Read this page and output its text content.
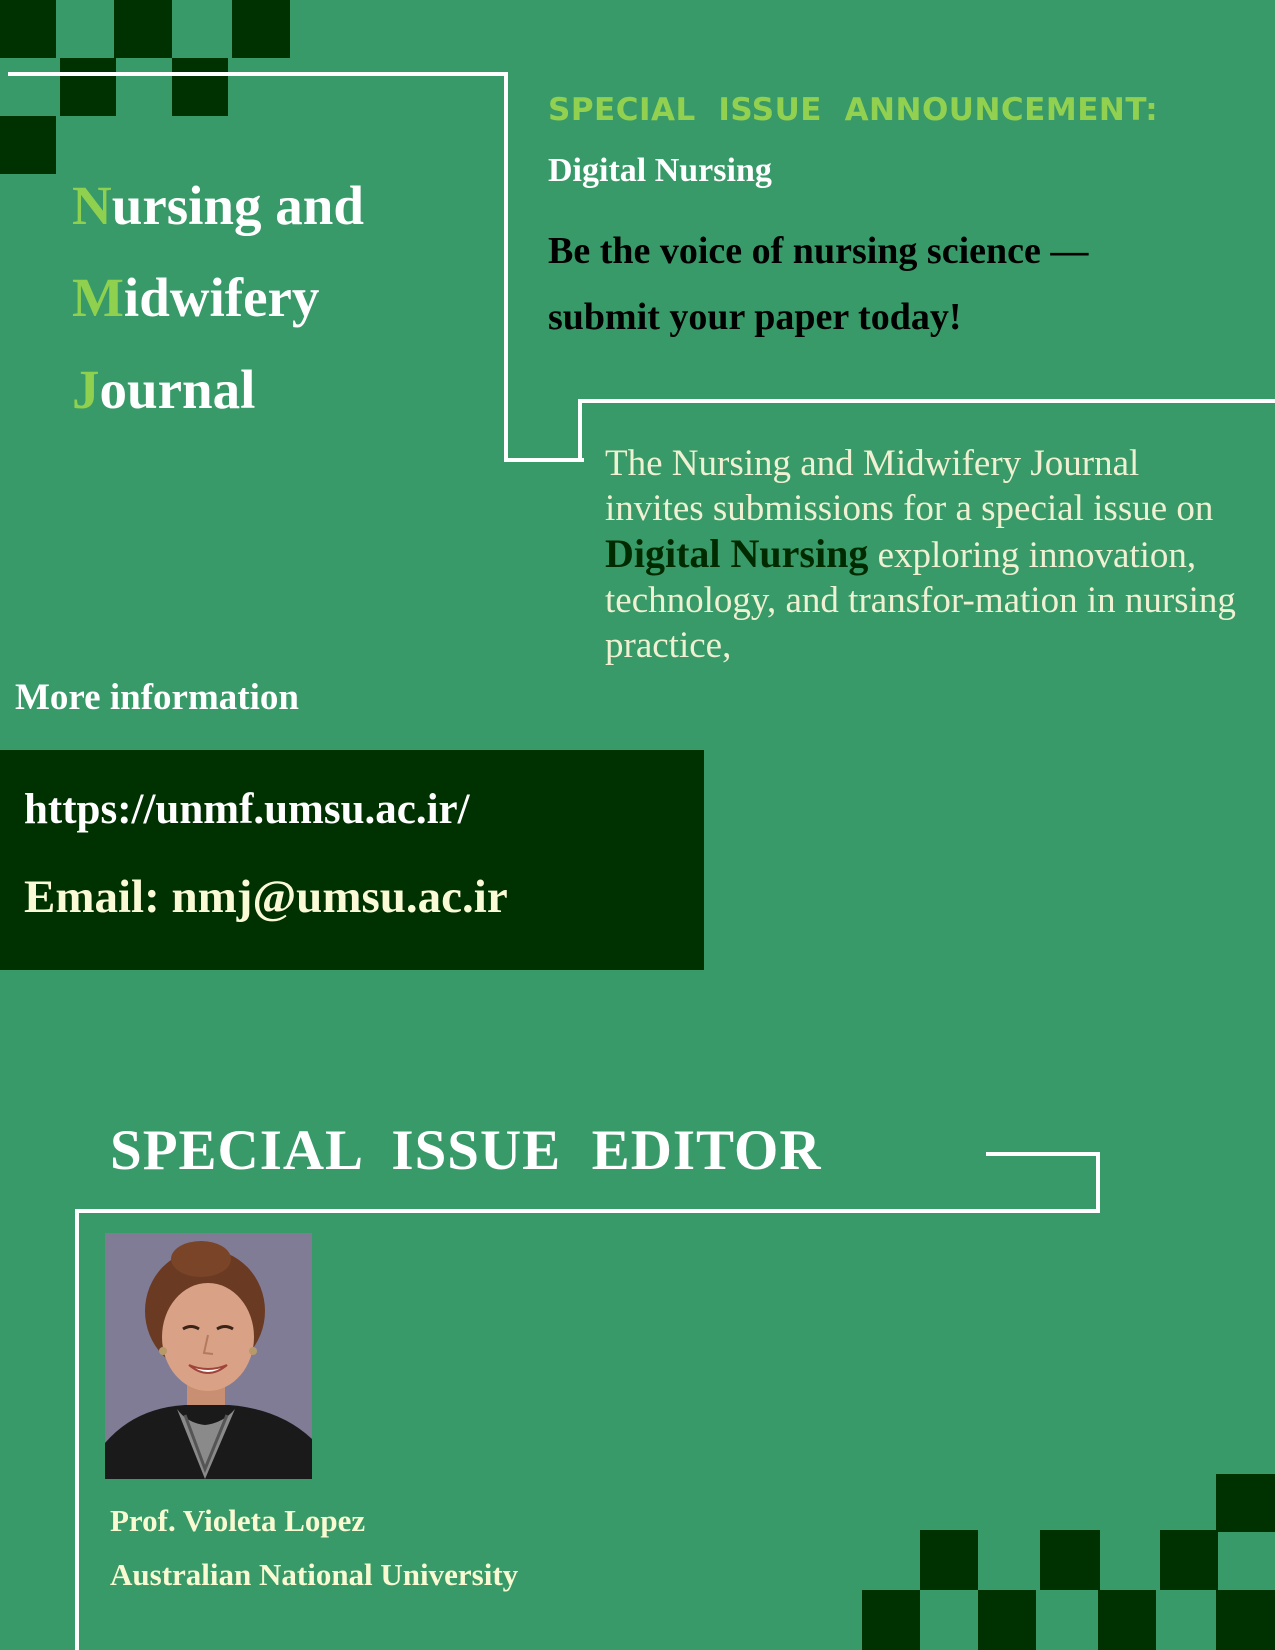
Nursing and
Midwifery
Journal
SPECIAL  ISSUE  ANNOUNCEMENT:
Digital Nursing
Be the voice of nursing science —
submit your paper today!

The Nursing and Midwifery Journal invites submissions for a special issue on Digital Nursing exploring innovation, technology, and transfor-mation in nursing practice,

More information
https://unmf.umsu.ac.ir/
Email: nmj@umsu.ac.ir
SPECIAL  ISSUE  EDITOR
Prof. Violeta Lopez
Australian National University
